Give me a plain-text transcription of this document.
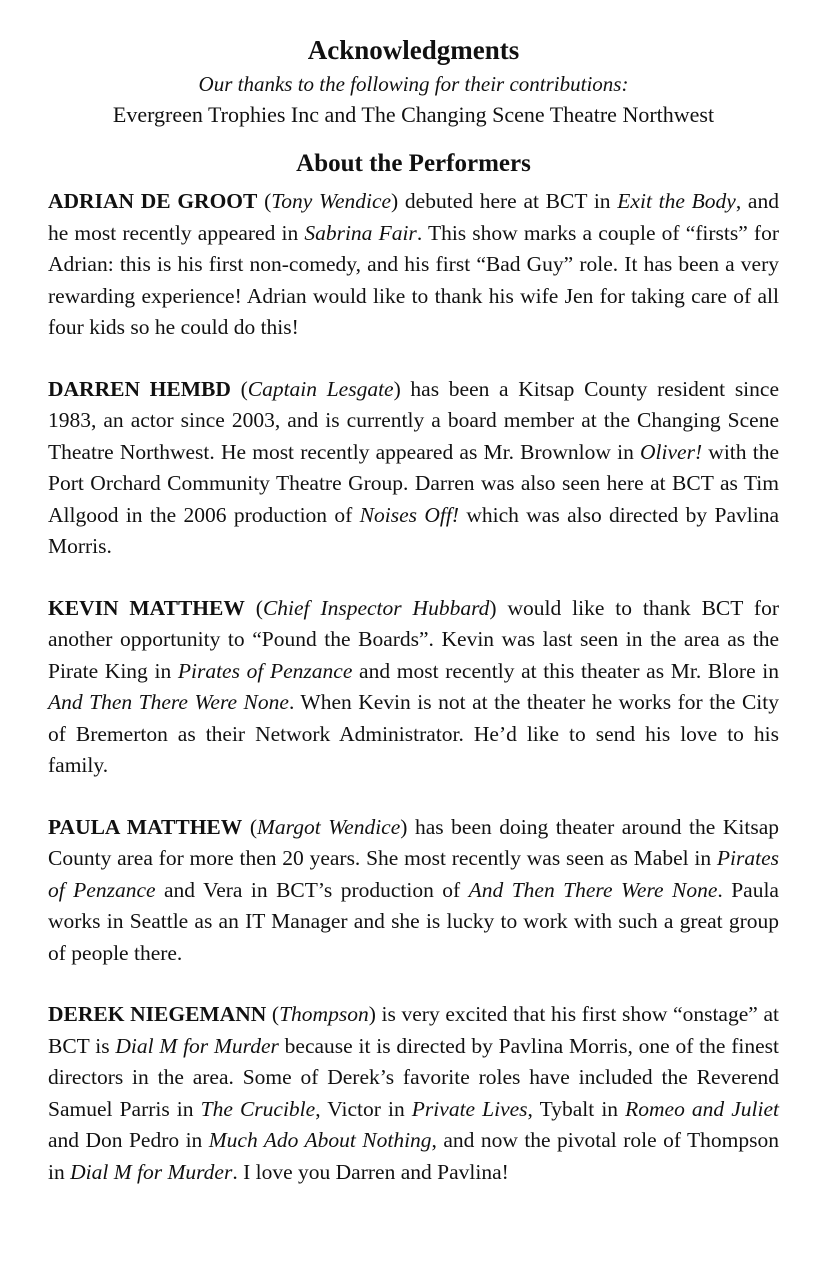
Acknowledgments

Our thanks to the following for their contributions:

Evergreen Trophies Inc and The Changing Scene Theatre Northwest

About the Performers

ADRIAN DE GROOT (Tony Wendice) debuted here at BCT in Exit the Body, and he most recently appeared in Sabrina Fair. This show marks a couple of “firsts” for Adrian: this is his first non-comedy, and his first “Bad Guy” role. It has been a very rewarding experience! Adrian would like to thank his wife Jen for taking care of all four kids so he could do this!

DARREN HEMBD (Captain Lesgate) has been a Kitsap County resident since 1983, an actor since 2003, and is currently a board member at the Changing Scene Theatre Northwest. He most recently appeared as Mr. Brownlow in Oliver! with the Port Orchard Community Theatre Group. Darren was also seen here at BCT as Tim Allgood in the 2006 production of Noises Off! which was also directed by Pavlina Morris.

KEVIN MATTHEW (Chief Inspector Hubbard) would like to thank BCT for another opportunity to “Pound the Boards”. Kevin was last seen in the area as the Pirate King in Pirates of Penzance and most recently at this theater as Mr. Blore in And Then There Were None. When Kevin is not at the theater he works for the City of Bremerton as their Network Administrator. He’d like to send his love to his family.

PAULA MATTHEW (Margot Wendice) has been doing theater around the Kitsap County area for more then 20 years. She most recently was seen as Mabel in Pirates of Penzance and Vera in BCT’s production of And Then There Were None. Paula works in Seattle as an IT Manager and she is lucky to work with such a great group of people there.

DEREK NIEGEMANN (Thompson) is very excited that his first show “onstage” at BCT is Dial M for Murder because it is directed by Pavlina Morris, one of the finest directors in the area. Some of Derek’s favorite roles have included the Reverend Samuel Parris in The Crucible, Victor in Private Lives, Tybalt in Romeo and Juliet and Don Pedro in Much Ado About Nothing, and now the pivotal role of Thompson in Dial M for Murder. I love you Darren and Pavlina!
